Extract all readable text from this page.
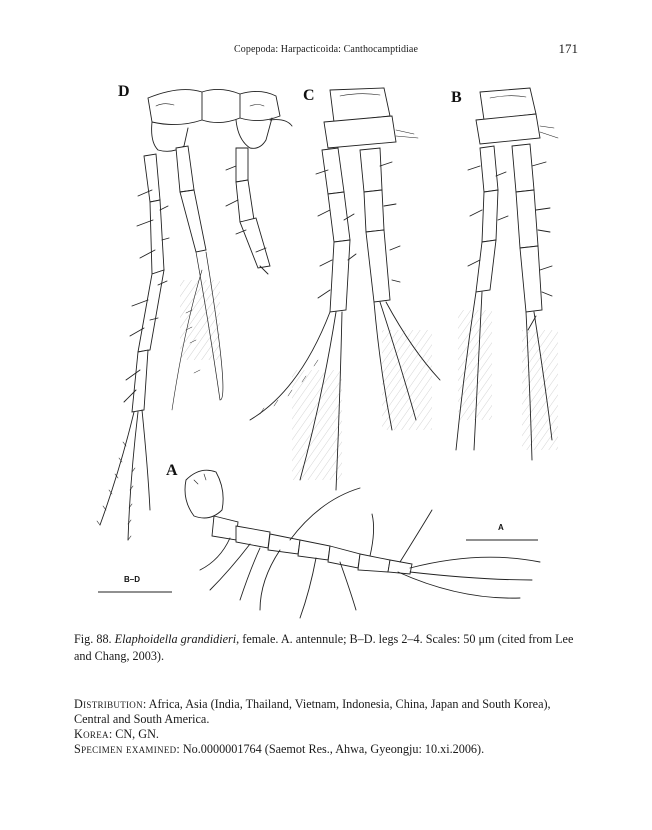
Copepoda: Harpacticoida: Canthocamptidiae	171
D	C	B
A
B–D
A
Fig. 88. Elaphoidella grandidieri, female. A. antennule; B–D. legs 2–4. Scales: 50 μm (cited from Lee and Chang, 2003).

Distribution: Africa, Asia (India, Thailand, Vietnam, Indonesia, China, Japan and South Korea), Central and South America.

Korea: CN, GN.

Specimen examined: No.0000001764 (Saemot Res., Ahwa, Gyeongju: 10.xi.2006).
